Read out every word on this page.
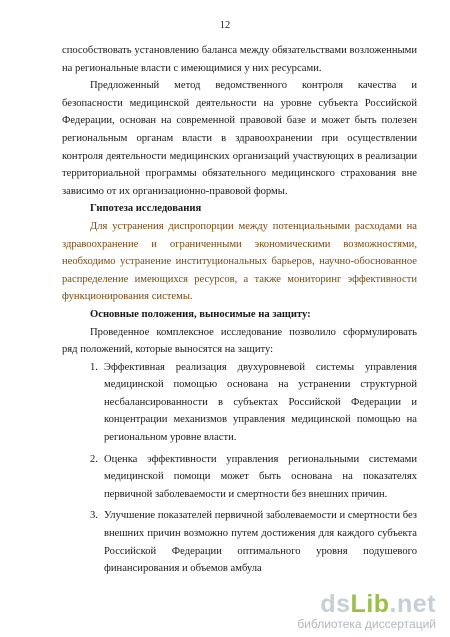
12

способствовать установлению баланса между обязательствами возложенными на региональные власти с имеющимися у них ресурсами.

Предложенный метод ведомственного контроля качества и безопасности медицинской деятельности на уровне субъекта Российской Федерации, основан на современной правовой базе и может быть полезен региональным органам власти в здравоохранении при осуществлении контроля деятельности медицинских организаций участвующих в реализации территориальной программы обязательного медицинского страхования вне зависимо от их организационно-правовой формы.

Гипотеза исследования

Для устранения диспропорции между потенциальными расходами на здравоохранение и ограниченными экономическими возможностями, необходимо устранение институциональных барьеров, научно-обоснованное распределение имеющихся ресурсов, а также мониторинг эффективности функционирования системы.

Основные положения, выносимые на защиту:

Проведенное комплексное исследование позволило сформулировать ряд положений, которые выносятся на защиту:

1. Эффективная реализация двухуровневой системы управления медицинской помощью основана на устранении структурной несбалансированности в субъектах Российской Федерации и концентрации механизмов управления медицинской помощью на региональном уровне власти.
2. Оценка эффективности управления региональными системами медицинской помощи может быть основана на показателях первичной заболеваемости и смертности без внешних причин.
3. Улучшение показателей первичной заболеваемости и смертности без внешних причин возможно путем достижения для каждого субъекта Российской Федерации оптимального уровня подушевого финансирования и объемов амбула
dsLib.net
библиотека диссертаций
